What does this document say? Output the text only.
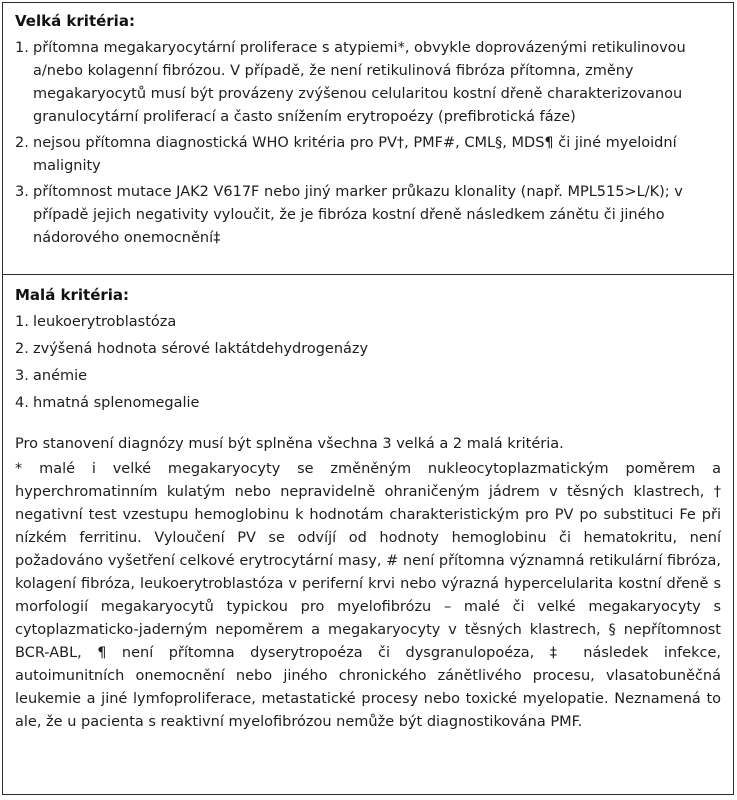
Velká kritéria:
1. přítomna megakaryocytární proliferace s atypiemi*, obvykle doprovázenými retikulinovou a/nebo kolagenní fibrózou. V případě, že není retikulinová fibróza přítomna, změny megakaryocytů musí být provázeny zvýšenou celularitou kostní dřeně charakterizovanou granulocytární proliferací a často snížením erytropoézy (prefibrotická fáze)
2. nejsou přítomna diagnostická WHO kritéria pro PV†, PMF#, CML§, MDS¶ či jiné myeloidní malignity
3. přítomnost mutace JAK2 V617F nebo jiný marker průkazu klonality (např. MPL515>L/K); v případě jejich negativity vyloučit, že je fibróza kostní dřeně následkem zánětu či jiného nádorového onemocnění‡
Malá kritéria:
1. leukoerytroblastóza
2. zvýšená hodnota sérové laktátdehydrogenázy
3. anémie
4. hmatná splenomegalie

Pro stanovení diagnózy musí být splněna všechna 3 velká a 2 malá kritéria.

* malé i velké megakaryocyty se změněným nukleocytoplazmatickým poměrem a hyperchromatinním kulatým nebo nepravidelně ohraničeným jádrem v těsných klastrech, † negativní test vzestupu hemoglobinu k hodnotám charakteristickým pro PV po substituci Fe při nízkém ferritinu. Vyloučení PV se odvíjí od hodnoty hemoglobinu či hematokritu, není požadováno vyšetření celkové erytrocytární masy, # není přítomna významná retikulární fibróza, kolagení fibróza, leukoerytroblastóza v periferní krvi nebo výrazná hypercelularita kostní dřeně s morfologií megakaryocytů typickou pro myelofibrózu – malé či velké megakaryocyty s cytoplazmaticko-jaderným nepoměrem a megakaryocyty v těsných klastrech, § nepřítomnost BCR-ABL, ¶ není přítomna dyserytropoéza či dysgranulopoéza, ‡ následek infekce, autoimunitních onemocnění nebo jiného chronického zánětlivého procesu, vlasatobuněčná leukemie a jiné lymfoproliferace, metastatické procesy nebo toxické myelopatie. Neznamená to ale, že u pacienta s reaktivní myelofibrózou nemůže být diagnostikována PMF.
